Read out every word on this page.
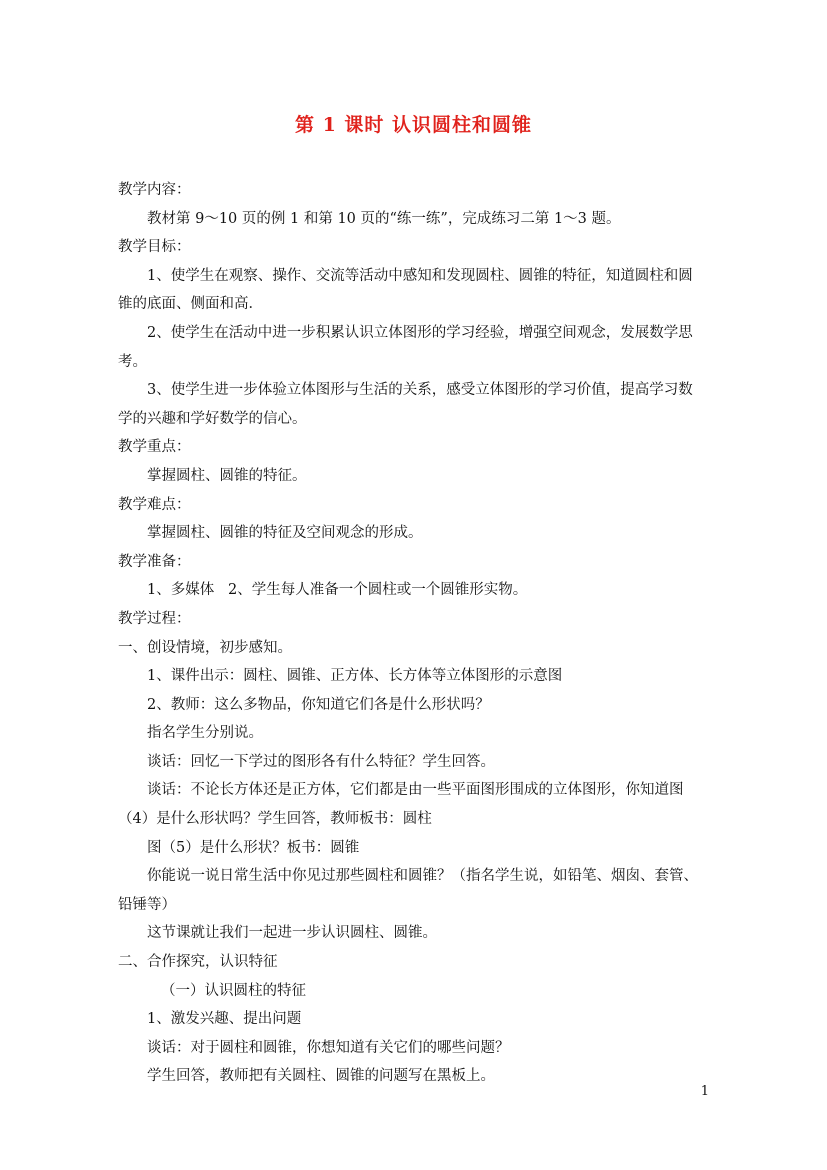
第 1 课时 认识圆柱和圆锥

教学内容：

教材第 9～10 页的例 1 和第 10 页的“练一练”，完成练习二第 1～3 题。

教学目标：

1、使学生在观察、操作、交流等活动中感知和发现圆柱、圆锥的特征，知道圆柱和圆

锥的底面、侧面和高．

2、使学生在活动中进一步积累认识立体图形的学习经验，增强空间观念，发展数学思

考。

3、使学生进一步体验立体图形与生活的关系，感受立体图形的学习价值，提高学习数

学的兴趣和学好数学的信心。

教学重点：

掌握圆柱、圆锥的特征。

教学难点：

掌握圆柱、圆锥的特征及空间观念的形成。

教学准备：

1、多媒体   2、学生每人准备一个圆柱或一个圆锥形实物。

教学过程：

一、创设情境，初步感知。

1、课件出示：圆柱、圆锥、正方体、长方体等立体图形的示意图

2、教师：这么多物品，你知道它们各是什么形状吗？

指名学生分别说。

谈话：回忆一下学过的图形各有什么特征？学生回答。

谈话：不论长方体还是正方体，它们都是由一些平面图形围成的立体图形，你知道图

（4）是什么形状吗？学生回答，教师板书：圆柱

图（5）是什么形状？板书：圆锥

你能说一说日常生活中你见过那些圆柱和圆锥？（指名学生说，如铅笔、烟囱、套管、

铅锤等）

这节课就让我们一起进一步认识圆柱、圆锥。

二、合作探究，认识特征

（一）认识圆柱的特征

1、激发兴趣、提出问题

谈话：对于圆柱和圆锥，你想知道有关它们的哪些问题？

学生回答，教师把有关圆柱、圆锥的问题写在黑板上。

1
